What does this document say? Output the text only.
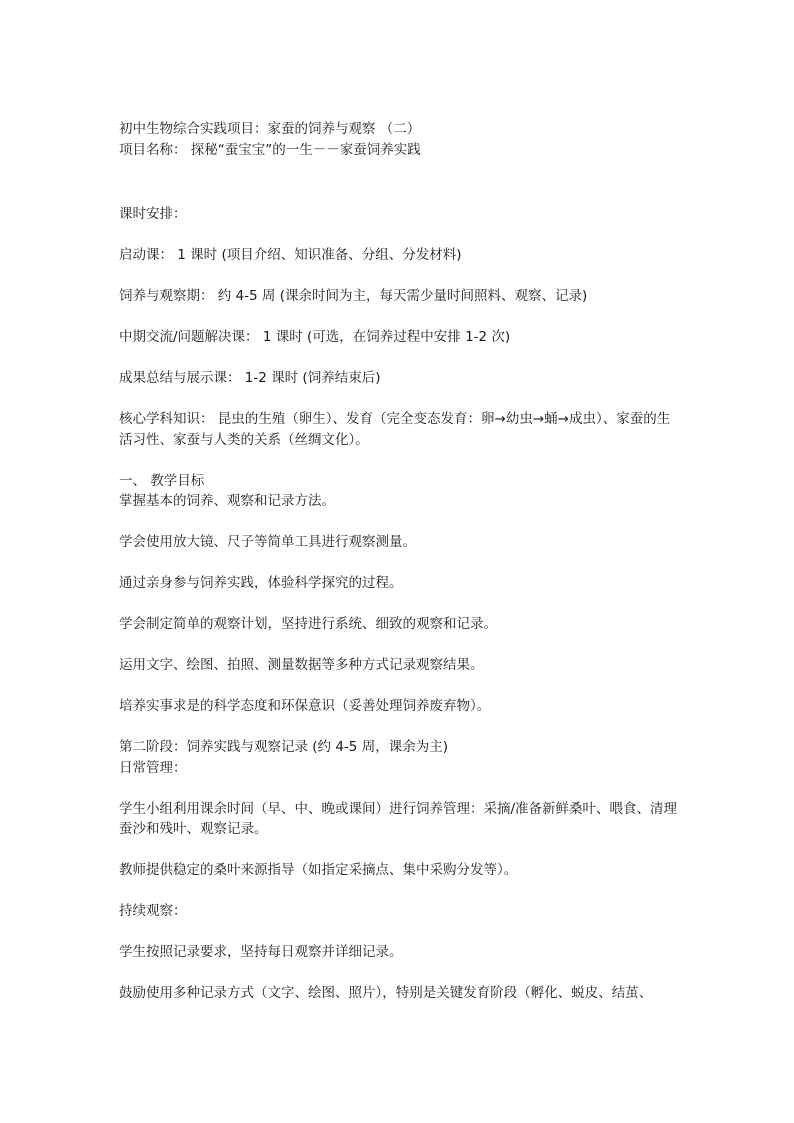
初中生物综合实践项目：家蚕的饲养与观察 （二）

项目名称： 探秘“蚕宝宝”的一生－－家蚕饲养实践

课时安排：

启动课： 1 课时 (项目介绍、知识准备、分组、分发材料)

饲养与观察期： 约 4-5 周 (课余时间为主，每天需少量时间照料、观察、记录)

中期交流/问题解决课： 1 课时 (可选，在饲养过程中安排 1-2 次)

成果总结与展示课： 1-2 课时 (饲养结束后)

核心学科知识： 昆虫的生殖（卵生）、发育（完全变态发育：卵→幼虫→蛹→成虫）、家蚕的生活习性、家蚕与人类的关系（丝绸文化）。

一、 教学目标

掌握基本的饲养、观察和记录方法。

学会使用放大镜、尺子等简单工具进行观察测量。

通过亲身参与饲养实践，体验科学探究的过程。

学会制定简单的观察计划，坚持进行系统、细致的观察和记录。

运用文字、绘图、拍照、测量数据等多种方式记录观察结果。

培养实事求是的科学态度和环保意识（妥善处理饲养废弃物）。

第二阶段：饲养实践与观察记录 (约 4-5 周，课余为主)

日常管理：

学生小组利用课余时间（早、中、晚或课间）进行饲养管理：采摘/准备新鲜桑叶、喂食、清理蚕沙和残叶、观察记录。

教师提供稳定的桑叶来源指导（如指定采摘点、集中采购分发等）。

持续观察：

学生按照记录要求，坚持每日观察并详细记录。

鼓励使用多种记录方式（文字、绘图、照片），特别是关键发育阶段（孵化、蜕皮、结茧、
